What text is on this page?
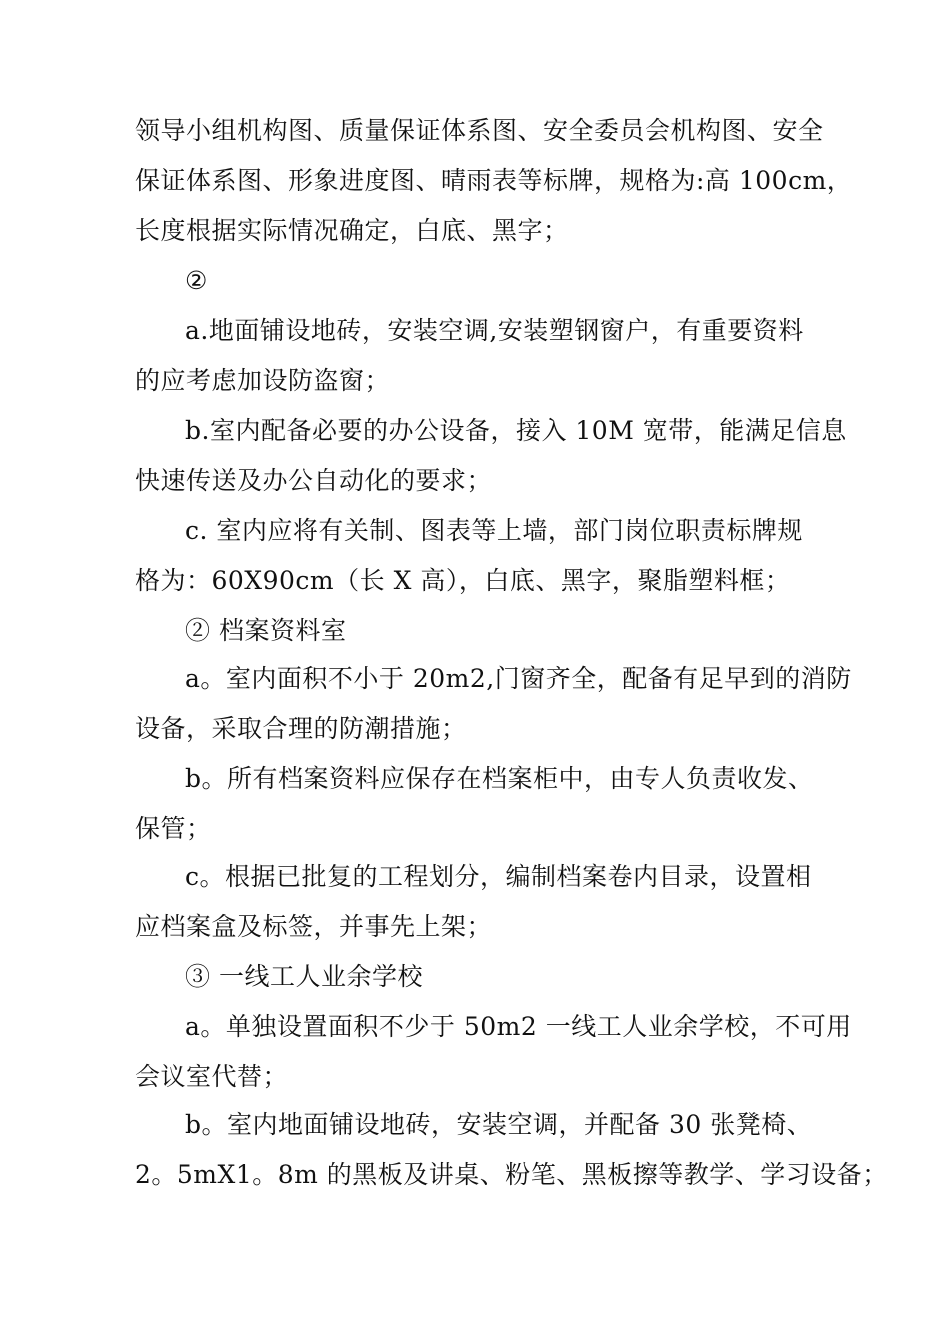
领导小组机构图、质量保证体系图、安全委员会机构图、安全
保证体系图、形象进度图、晴雨表等标牌，规格为:高 100cm，
长度根据实际情况确定，白底、黑字；
②
a.地面铺设地砖，安装空调,安装塑钢窗户，有重要资料
的应考虑加设防盗窗；
b.室内配备必要的办公设备，接入 10M 宽带，能满足信息
快速传送及办公自动化的要求；
c. 室内应将有关制、图表等上墙，部门岗位职责标牌规
格为：60X90cm（长 X 高），白底、黑字，聚脂塑料框；
② 档案资料室
a。室内面积不小于 20m2,门窗齐全，配备有足早到的消防
设备，采取合理的防潮措施；
b。所有档案资料应保存在档案柜中，由专人负责收发、
保管；
c。根据已批复的工程划分，编制档案卷内目录，设置相
应档案盒及标签，并事先上架；
③ 一线工人业余学校
a。单独设置面积不少于 50m2 一线工人业余学校，不可用
会议室代替；
b。室内地面铺设地砖，安装空调，并配备 30 张凳椅、
2。5mX1。8m 的黑板及讲桌、粉笔、黑板擦等教学、学习设备；
